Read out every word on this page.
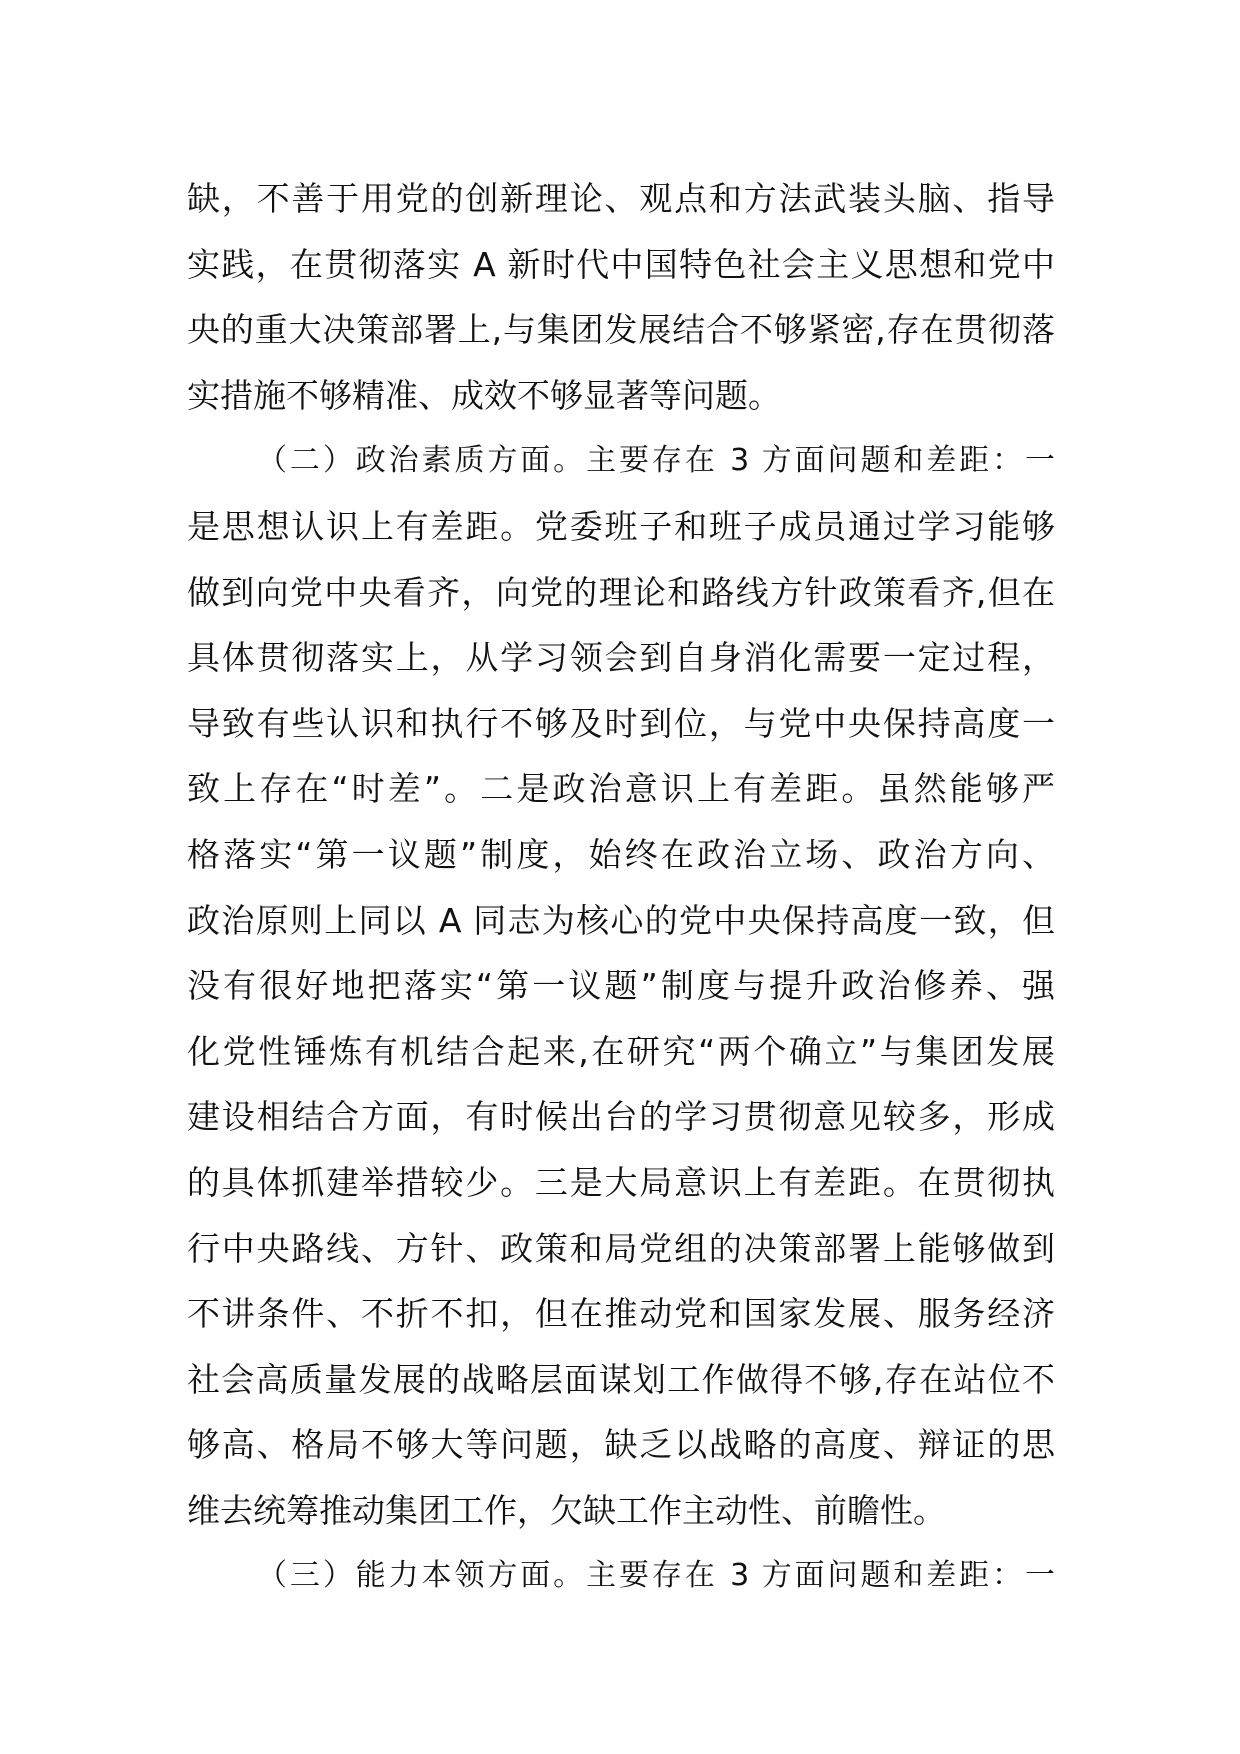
缺，不善于用党的创新理论、观点和方法武装头脑、指导
实践，在贯彻落实 A 新时代中国特色社会主义思想和党中
央的重大决策部署上,与集团发展结合不够紧密,存在贯彻落
实措施不够精准、成效不够显著等问题。
（二）政治素质方面。主要存在 3 方面问题和差距：一
是思想认识上有差距。党委班子和班子成员通过学习能够
做到向党中央看齐，向党的理论和路线方针政策看齐,但在
具体贯彻落实上，从学习领会到自身消化需要一定过程，
导致有些认识和执行不够及时到位，与党中央保持高度一
致上存在“时差”。二是政治意识上有差距。虽然能够严
格落实“第一议题”制度，始终在政治立场、政治方向、
政治原则上同以 A 同志为核心的党中央保持高度一致，但
没有很好地把落实“第一议题”制度与提升政治修养、强
化党性锤炼有机结合起来,在研究“两个确立”与集团发展
建设相结合方面，有时候出台的学习贯彻意见较多，形成
的具体抓建举措较少。三是大局意识上有差距。在贯彻执
行中央路线、方针、政策和局党组的决策部署上能够做到
不讲条件、不折不扣，但在推动党和国家发展、服务经济
社会高质量发展的战略层面谋划工作做得不够,存在站位不
够高、格局不够大等问题，缺乏以战略的高度、辩证的思
维去统筹推动集团工作，欠缺工作主动性、前瞻性。
（三）能力本领方面。主要存在 3 方面问题和差距：一
